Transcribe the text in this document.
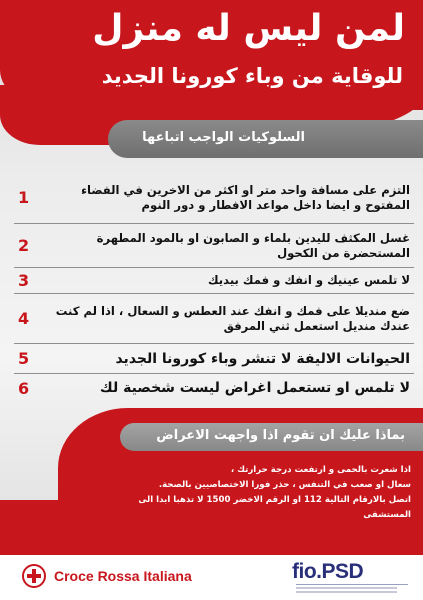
لمن ليس له منزل
للوقاية من وباء كورونا الجديد
السلوكيات الواجب اتباعها
1	التزم على مسافة واحد متر او اكثر من الاخرين في الفضاء المفتوح و ايضا داخل مواعد الافطار و دور النوم
2	غسل المكثف لليدين بلماء و الصابون او بالمود المطهرة المستحضرة من الكحول
3	لا تلمس عينيك و انفك و فمك بيديك
4	ضع منديلا على فمك و انفك عند العطس و السعال ، اذا لم كنت عندك منديل استعمل ثني المرفق
5	الحيوانات الاليفة لا تنشر وباء كورونا الجديد
6	لا تلمس او تستعمل اغراض ليست شخصية لك
بماذا عليك ان تقوم اذا واجهت الاعراض
اذا شعرت بالحمى و ارتفعت درجة حرارتك ،
سعال او صعب في التنفس ، حذر فورا الاختصاصيين بالصحة.
اتصل بالارقام التالية 112 او الرقم الاخضر 1500 لا تذهبا ابدا الى المستشفى
Croce Rossa Italiana	fio.PSD
